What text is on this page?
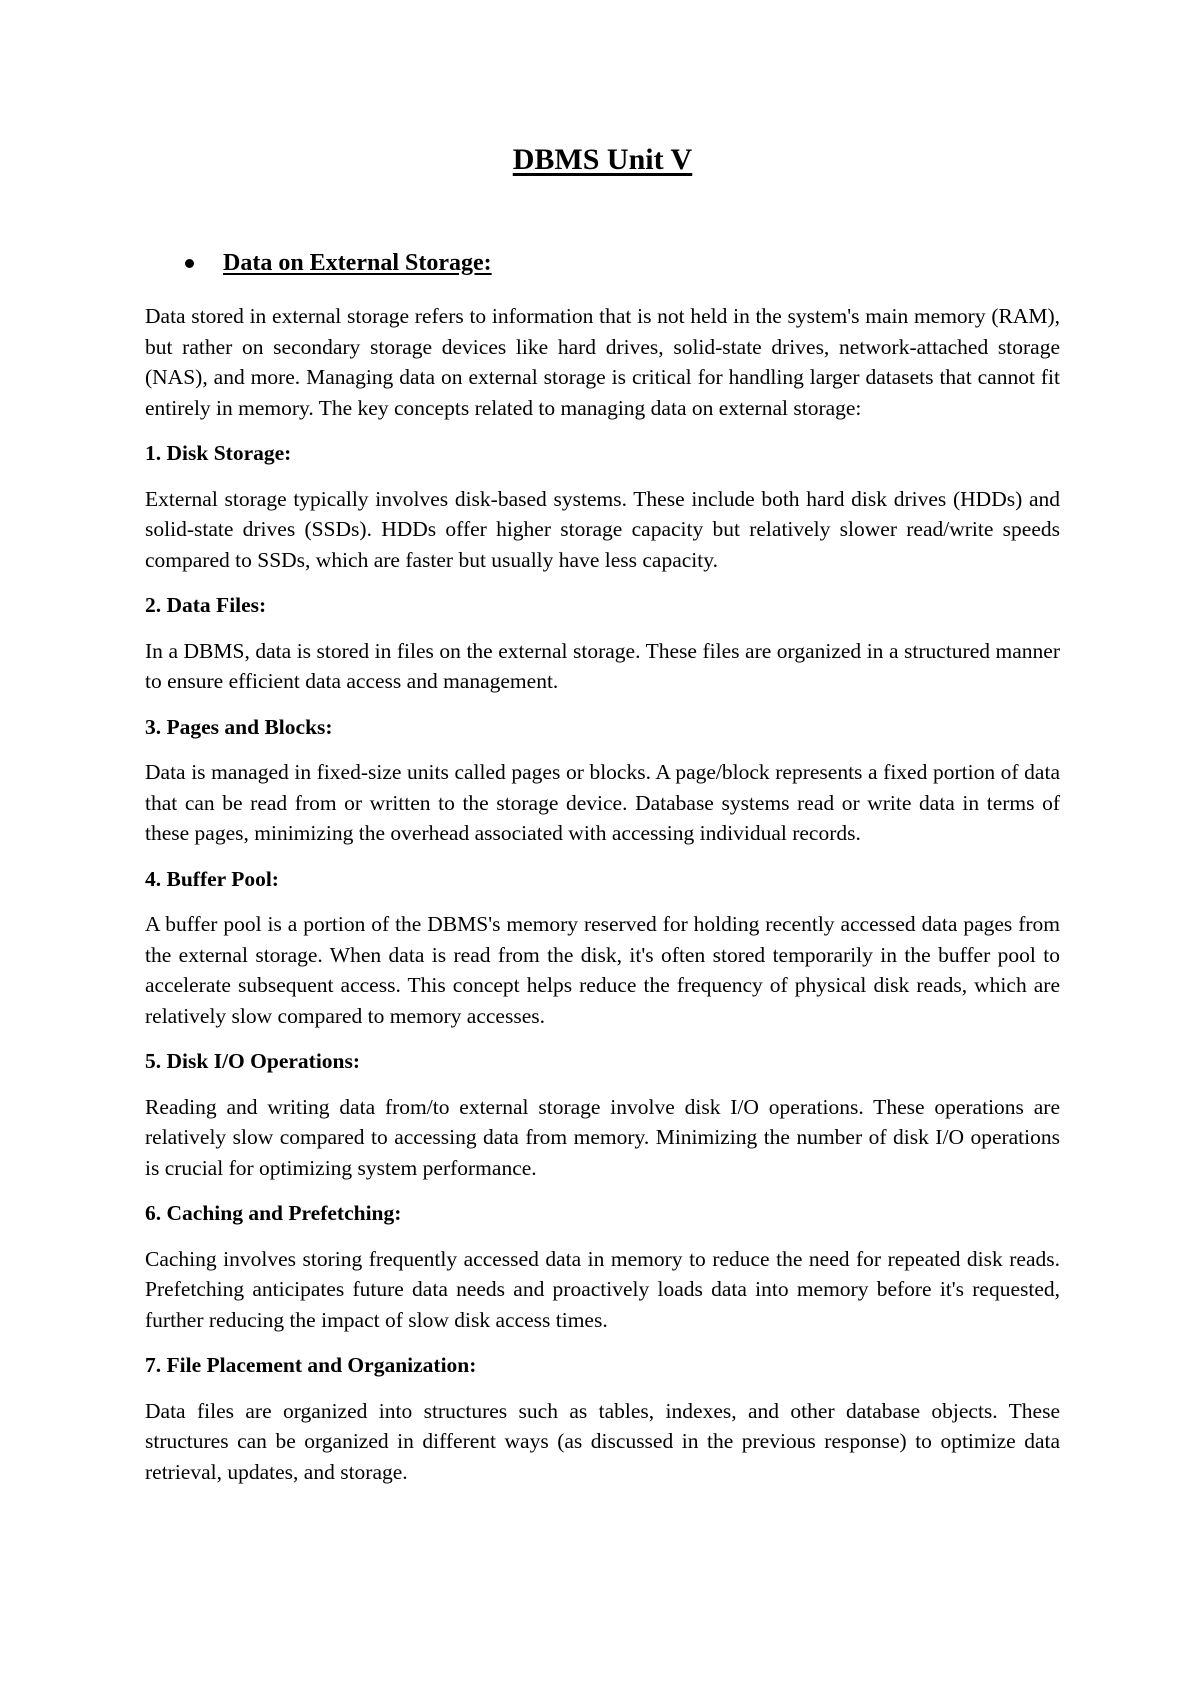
DBMS Unit V
Data on External Storage:

Data stored in external storage refers to information that is not held in the system's main memory (RAM), but rather on secondary storage devices like hard drives, solid-state drives, network-attached storage (NAS), and more. Managing data on external storage is critical for handling larger datasets that cannot fit entirely in memory. The key concepts related to managing data on external storage:

1. Disk Storage:

External storage typically involves disk-based systems. These include both hard disk drives (HDDs) and solid-state drives (SSDs). HDDs offer higher storage capacity but relatively slower read/write speeds compared to SSDs, which are faster but usually have less capacity.

2. Data Files:

In a DBMS, data is stored in files on the external storage. These files are organized in a structured manner to ensure efficient data access and management.

3. Pages and Blocks:

Data is managed in fixed-size units called pages or blocks. A page/block represents a fixed portion of data that can be read from or written to the storage device. Database systems read or write data in terms of these pages, minimizing the overhead associated with accessing individual records.

4. Buffer Pool:

A buffer pool is a portion of the DBMS's memory reserved for holding recently accessed data pages from the external storage. When data is read from the disk, it's often stored temporarily in the buffer pool to accelerate subsequent access. This concept helps reduce the frequency of physical disk reads, which are relatively slow compared to memory accesses.

5. Disk I/O Operations:

Reading and writing data from/to external storage involve disk I/O operations. These operations are relatively slow compared to accessing data from memory. Minimizing the number of disk I/O operations is crucial for optimizing system performance.

6. Caching and Prefetching:

Caching involves storing frequently accessed data in memory to reduce the need for repeated disk reads. Prefetching anticipates future data needs and proactively loads data into memory before it's requested, further reducing the impact of slow disk access times.

7. File Placement and Organization:

Data files are organized into structures such as tables, indexes, and other database objects. These structures can be organized in different ways (as discussed in the previous response) to optimize data retrieval, updates, and storage.
